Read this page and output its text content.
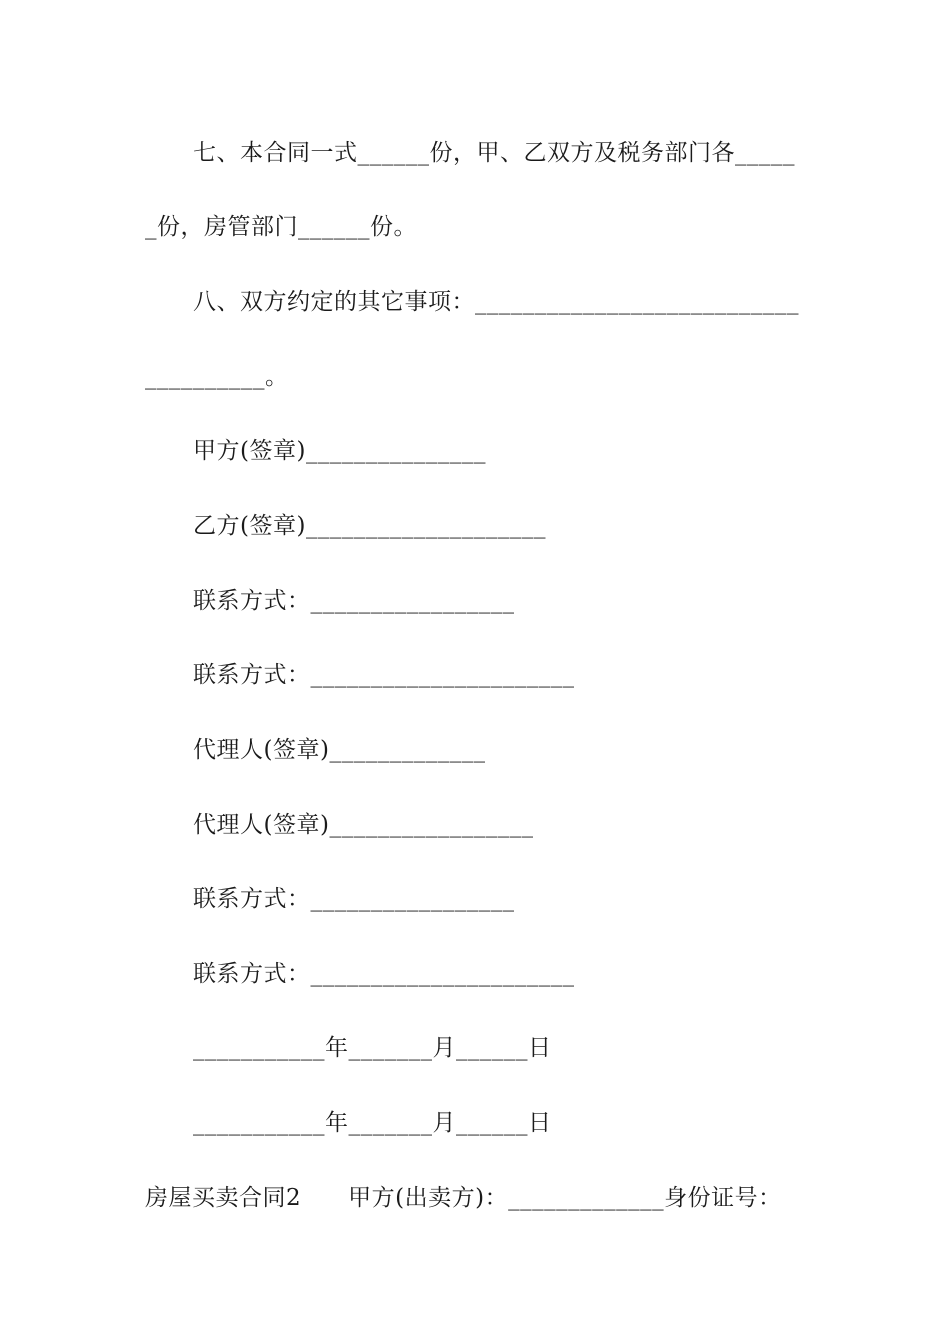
七、本合同一式______份，甲、乙双方及税务部门各_____
_份，房管部门______份。
八、双方约定的其它事项：___________________________
__________。
甲方(签章)_______________
乙方(签章)____________________
联系方式：_________________
联系方式：______________________
代理人(签章)_____________
代理人(签章)_________________
联系方式：_________________
联系方式：______________________
___________年_______月______日
___________年_______月______日
房屋买卖合同2　　甲方(出卖方)：_____________身份证号：
